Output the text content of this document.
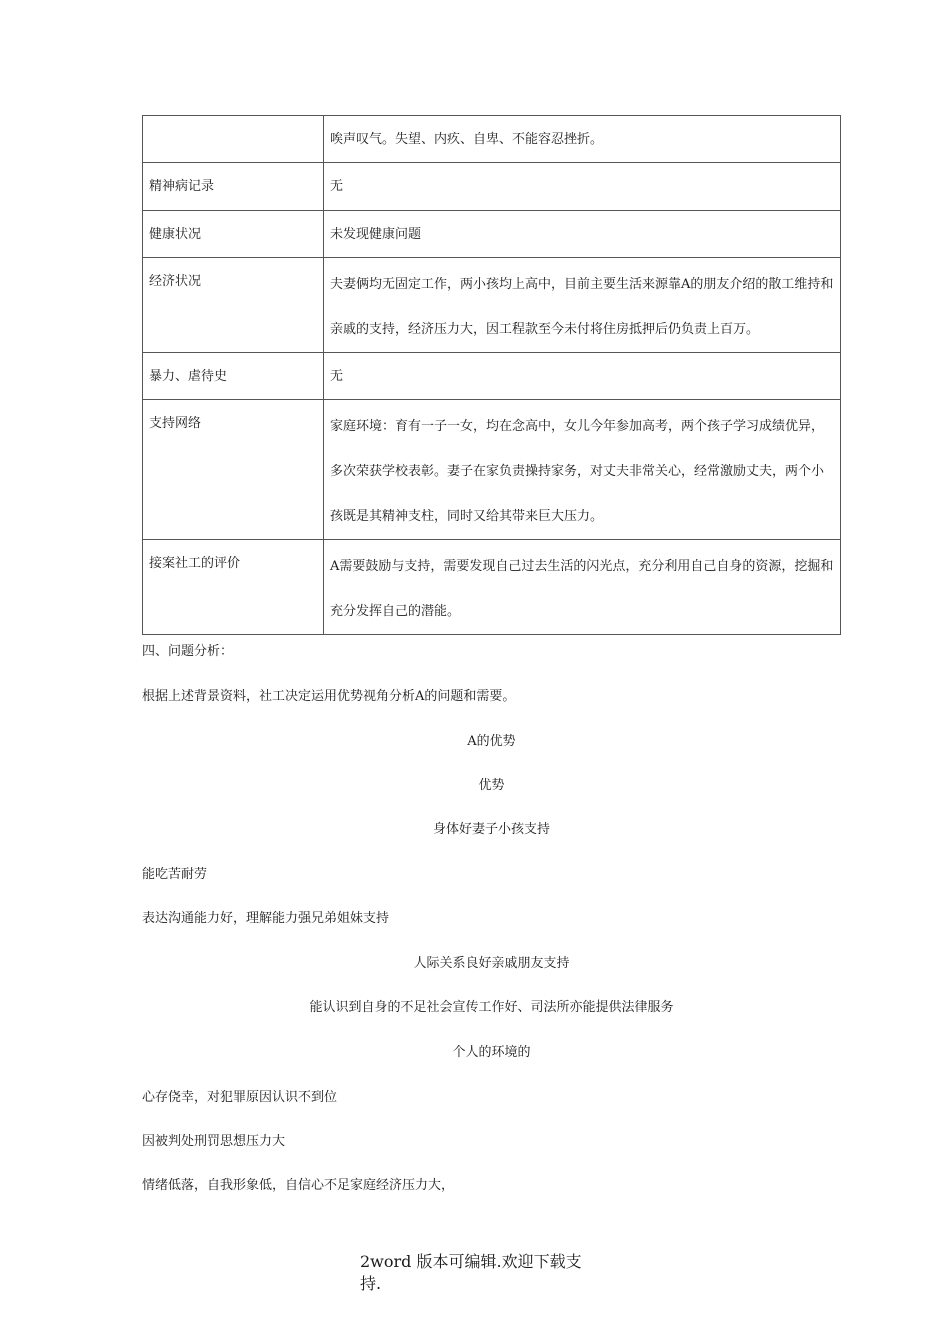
	唉声叹气。失望、内疚、自卑、不能容忍挫折。
精神病记录	无
健康状况	未发现健康问题
经济状况	夫妻俩均无固定工作，两小孩均上高中，目前主要生活来源靠A的朋友介绍的散工维持和亲戚的支持，经济压力大，因工程款至今未付将住房抵押后仍负责上百万。
暴力、虐待史	无
支持网络	家庭环境：育有一子一女，均在念高中，女儿今年参加高考，两个孩子学习成绩优异，多次荣获学校表彰。妻子在家负责操持家务，对丈夫非常关心，经常激励丈夫，两个小孩既是其精神支柱，同时又给其带来巨大压力。
接案社工的评价	A需要鼓励与支持，需要发现自己过去生活的闪光点，充分利用自己自身的资源，挖掘和充分发挥自己的潜能。
四、问题分析：
根据上述背景资料，社工决定运用优势视角分析A的问题和需要。
A的优势
优势
身体好妻子小孩支持
能吃苦耐劳
表达沟通能力好，理解能力强兄弟姐妹支持
人际关系良好亲戚朋友支持
能认识到自身的不足社会宣传工作好、司法所亦能提供法律服务
个人的环境的
心存侥幸，对犯罪原因认识不到位
因被判处刑罚思想压力大
情绪低落，自我形象低，自信心不足家庭经济压力大，
2word 版本可编辑.欢迎下载支持.
